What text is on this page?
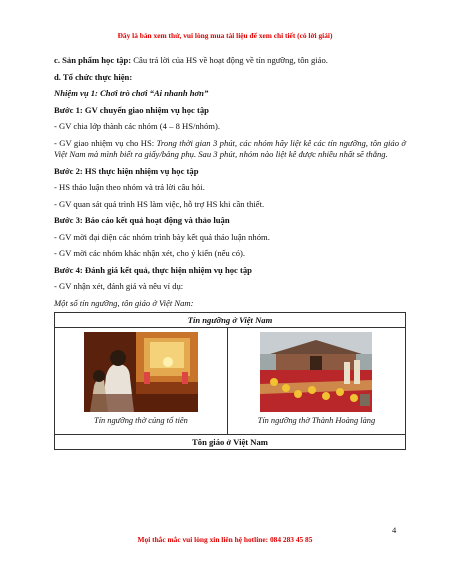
Đây là bản xem thử, vui lòng mua tài liệu để xem chi tiết (có lời giải)

c. Sản phẩm học tập: Câu trả lời của HS về hoạt động về tín ngưỡng, tôn giáo.

d. Tổ chức thực hiện:

Nhiệm vụ 1: Chơi trò chơi “Ai nhanh hơn”

Bước 1: GV chuyển giao nhiệm vụ học tập

- GV chia lớp thành các nhóm (4 – 8 HS/nhóm).

- GV giao nhiệm vụ cho HS: Trong thời gian 3 phút, các nhóm hãy liệt kê các tín ngưỡng, tôn giáo ở Việt Nam mà mình biết ra giấy/bảng phụ. Sau 3 phút, nhóm nào liệt kê được nhiều nhất sẽ thắng.

Bước 2: HS thực hiện nhiệm vụ học tập

- HS thảo luận theo nhóm và trả lời câu hỏi.

- GV quan sát quá trình HS làm việc, hỗ trợ HS khi cần thiết.

Bước 3: Báo cáo kết quả hoạt động và thảo luận

- GV mời đại diện các nhóm trình bày kết quả thảo luận nhóm.

- GV mời các nhóm khác nhận xét, cho ý kiến (nếu có).

Bước 4: Đánh giá kết quả, thực hiện nhiệm vụ học tập

- GV nhận xét, đánh giá và nêu ví dụ:

Một số tín ngưỡng, tôn giáo ở Việt Nam:

Tín ngưỡng ở Việt Nam

Tín ngưỡng thờ cúng tổ tiên	Tín ngưỡng thờ Thành Hoàng làng

Tôn giáo ở Việt Nam
4
Mọi thắc mắc vui lòng xin liên hệ hotline: 084 283 45 85
